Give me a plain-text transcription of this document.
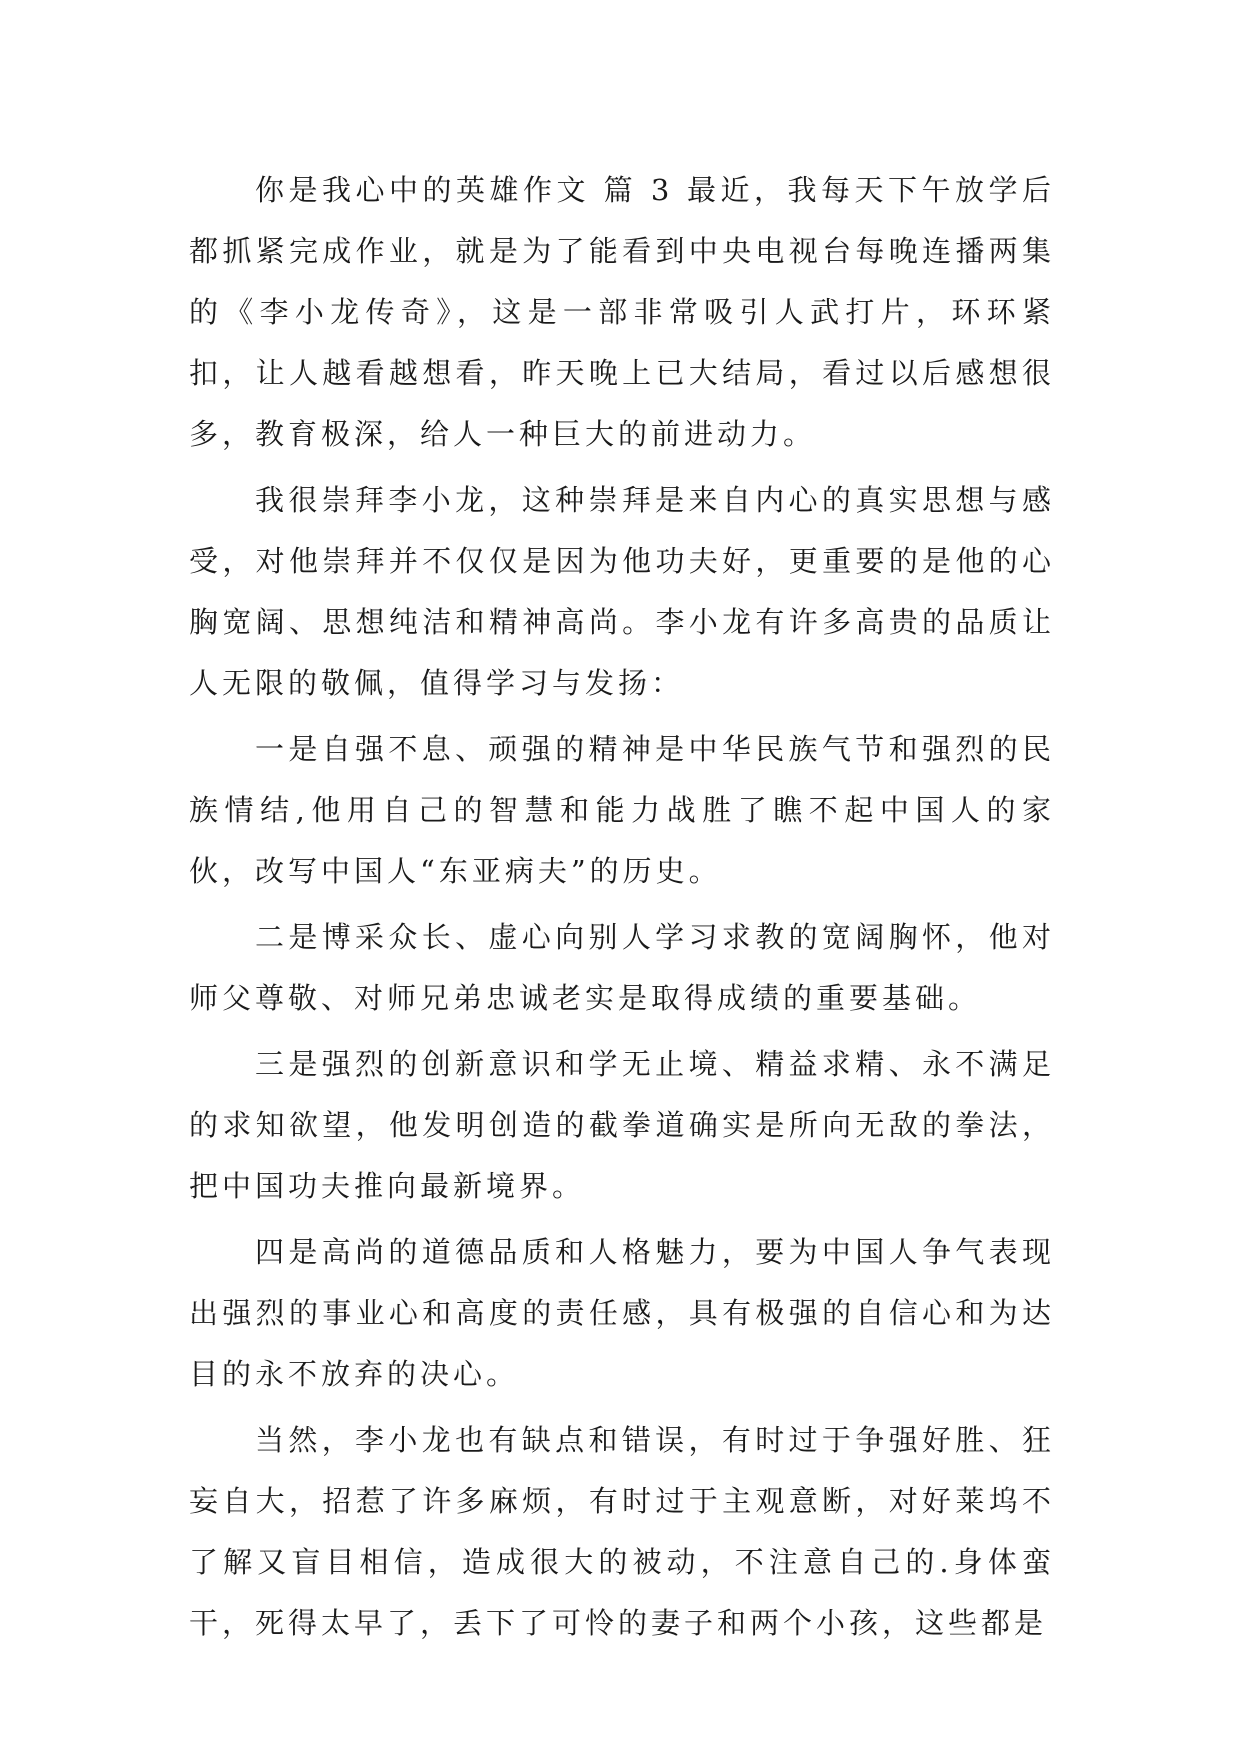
你是我心中的英雄作文 篇 3 最近，我每天下午放学后都抓紧完成作业，就是为了能看到中央电视台每晚连播两集的《李小龙传奇》，这是一部非常吸引人武打片，环环紧扣，让人越看越想看，昨天晚上已大结局，看过以后感想很多，教育极深，给人一种巨大的前进动力。

我很崇拜李小龙，这种崇拜是来自内心的真实思想与感受，对他崇拜并不仅仅是因为他功夫好，更重要的是他的心胸宽阔、思想纯洁和精神高尚。李小龙有许多高贵的品质让人无限的敬佩，值得学习与发扬：

一是自强不息、顽强的精神是中华民族气节和强烈的民族情结,他用自己的智慧和能力战胜了瞧不起中国人的家伙，改写中国人“东亚病夫”的历史。

二是博采众长、虚心向别人学习求教的宽阔胸怀，他对师父尊敬、对师兄弟忠诚老实是取得成绩的重要基础。

三是强烈的创新意识和学无止境、精益求精、永不满足的求知欲望，他发明创造的截拳道确实是所向无敌的拳法，把中国功夫推向最新境界。

四是高尚的道德品质和人格魅力，要为中国人争气表现出强烈的事业心和高度的责任感，具有极强的自信心和为达目的永不放弃的决心。

当然，李小龙也有缺点和错误，有时过于争强好胜、狂妄自大，招惹了许多麻烦，有时过于主观意断，对好莱坞不了解又盲目相信，造成很大的被动，不注意自己的.身体蛮干，死得太早了，丢下了可怜的妻子和两个小孩，这些都是
